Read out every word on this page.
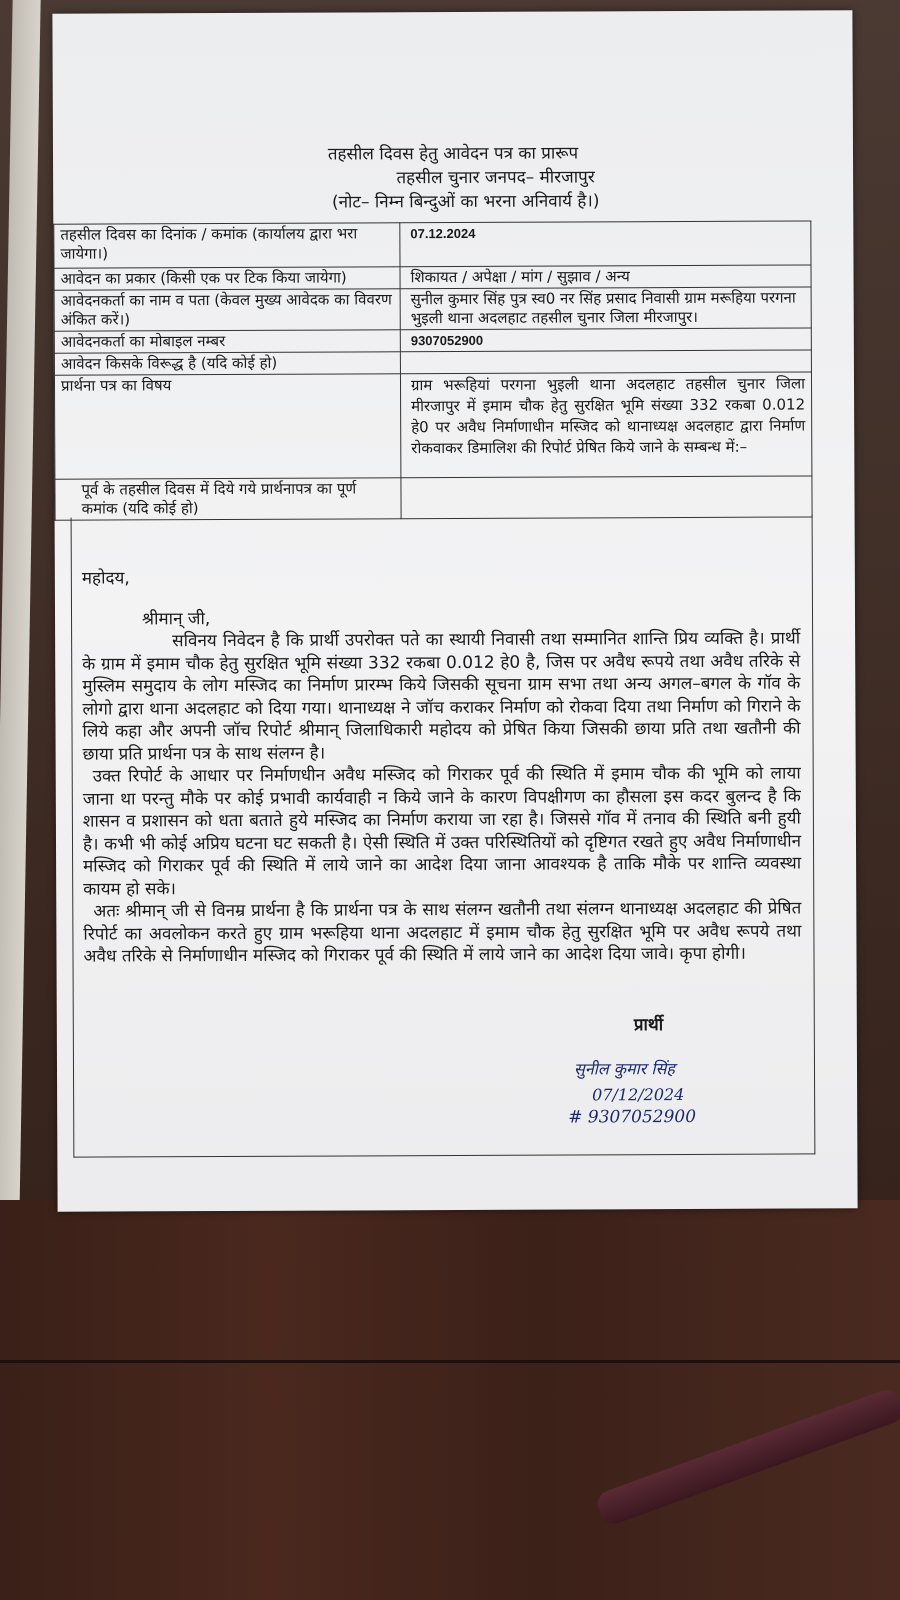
तहसील दिवस हेतु आवेदन पत्र का प्रारूप
तहसील चुनार जनपद– मीरजापुर
(नोट– निम्न बिन्दुओं का भरना अनिवार्य है।)
तहसील दिवस का दिनांक / कमांक (कार्यालय द्वारा भरा जायेगा।)	07.12.2024
आवेदन का प्रकार (किसी एक पर टिक किया जायेगा)	शिकायत / अपेक्षा / मांग / सुझाव / अन्य
आवेदनकर्ता का नाम व पता (केवल मुख्य आवेदक का विवरण अंकित करें।)	सुनील कुमार सिंह पुत्र स्व0 नर सिंह प्रसाद निवासी ग्राम मरूहिया परगना भुइली थाना अदलहाट तहसील चुनार जिला मीरजापुर।
आवेदनकर्ता का मोबाइल नम्बर	9307052900
आवेदन किसके विरूद्ध है (यदि कोई हो)	
प्रार्थना पत्र का विषय	ग्राम भरूहियां परगना भुइली थाना अदलहाट तहसील चुनार जिला मीरजापुर में इमाम चौक हेतु सुरक्षित भूमि संख्या 332 रकबा 0.012 हे0 पर अवैध निर्माणाधीन मस्जिद को थानाध्यक्ष अदलहाट द्वारा निर्माण रोकवाकर डिमालिश की रिपोर्ट प्रेषित किये जाने के सम्बन्ध में:–
पूर्व के तहसील दिवस में दिये गये प्रार्थनापत्र का पूर्ण कमांक (यदि कोई हो)	
महोदय,
श्रीमान् जी,

सविनय निवेदन है कि प्रार्थी उपरोक्त पते का स्थायी निवासी तथा सम्मानित शान्ति प्रिय व्यक्ति है। प्रार्थी के ग्राम में इमाम चौक हेतु सुरक्षित भूमि संख्या 332 रकबा 0.012 हे0 है, जिस पर अवैध रूपये तथा अवैध तरिके से मुस्लिम समुदाय के लोग मस्जिद का निर्माण प्रारम्भ किये जिसकी सूचना ग्राम सभा तथा अन्य अगल–बगल के गॉव के लोगो द्वारा थाना अदलहाट को दिया गया। थानाध्यक्ष ने जॉच कराकर निर्माण को रोकवा दिया तथा निर्माण को गिराने के लिये कहा और अपनी जॉच रिपोर्ट श्रीमान् जिलाधिकारी महोदय को प्रेषित किया जिसकी छाया प्रति तथा खतौनी की छाया प्रति प्रार्थना पत्र के साथ संलग्न है।

उक्त रिपोर्ट के आधार पर निर्माणधीन अवैध मस्जिद को गिराकर पूर्व की स्थिति में इमाम चौक की भूमि को लाया जाना था परन्तु मौके पर कोई प्रभावी कार्यवाही न किये जाने के कारण विपक्षीगण का हौसला इस कदर बुलन्द है कि शासन व प्रशासन को धता बताते हुये मस्जिद का निर्माण कराया जा रहा है। जिससे गॉव में तनाव की स्थिति बनी हुयी है। कभी भी कोई अप्रिय घटना घट सकती है। ऐसी स्थिति में उक्त परिस्थितियों को दृष्टिगत रखते हुए अवैध निर्माणाधीन मस्जिद को गिराकर पूर्व की स्थिति में लाये जाने का आदेश दिया जाना आवश्यक है ताकि मौके पर शान्ति व्यवस्था कायम हो सके।

अतः श्रीमान् जी से विनम्र प्रार्थना है कि प्रार्थना पत्र के साथ संलग्न खतौनी तथा संलग्न थानाध्यक्ष अदलहाट की प्रेषित रिपोर्ट का अवलोकन करते हुए ग्राम भरूहिया थाना अदलहाट में इमाम चौक हेतु सुरक्षित भूमि पर अवैध रूपये तथा अवैध तरिके से निर्माणाधीन मस्जिद को गिराकर पूर्व की स्थिति में लाये जाने का आदेश दिया जावे। कृपा होगी।

प्रार्थी
सुनील कुमार सिंह
07/12/2024
# 9307052900
